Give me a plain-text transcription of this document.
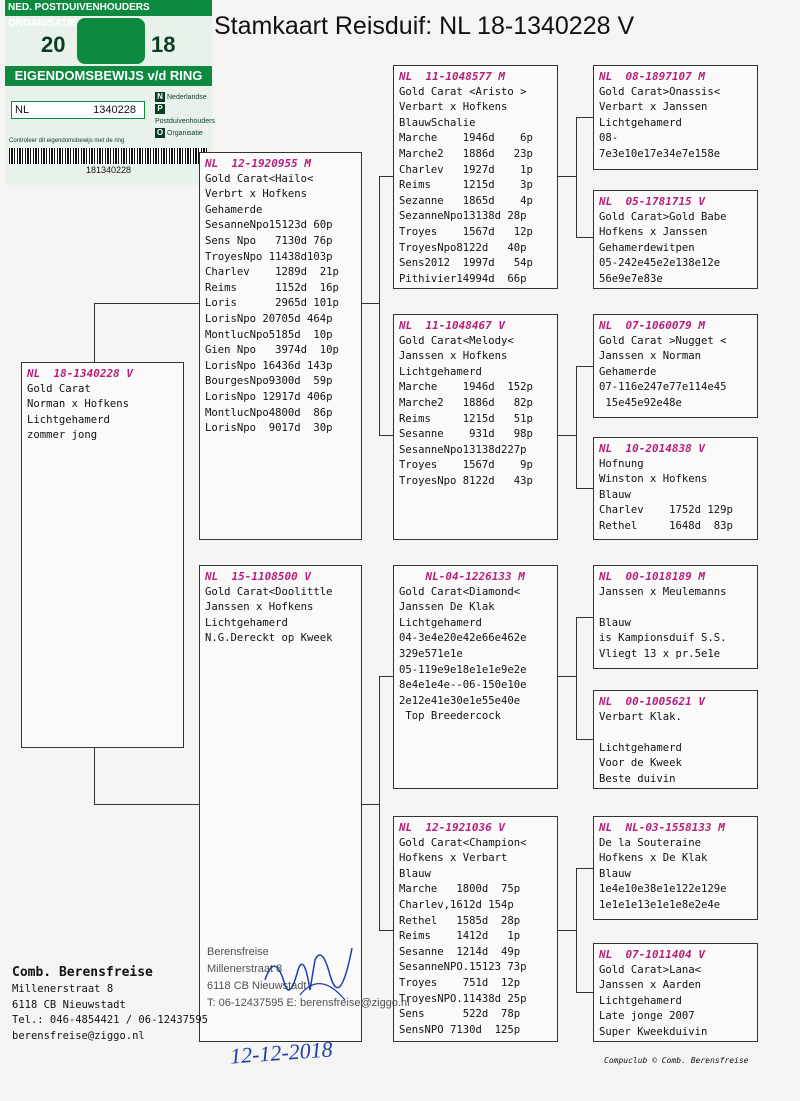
Stamkaart Reisduif: NL 18-1340228 V
NED. POSTDUIVENHOUDERS ORGANISATIE
20	18
EIGENDOMSBEWIJS v/d RING
NL	1340228
N Nederlandse
PPostduivenhouders
O Organisatie
Controleer dit eigendomsbewijs met de ring
181340228
NL  18-1340228 V
Gold Carat
Norman x Hofkens
Lichtgehamerd
zommer jong
NL  12-1920955 M
Gold Carat<Hailo<
Verbrt x Hofkens
Gehamerde
SesanneNpo15123d 60p
Sens Npo   7130d 76p
TroyesNpo 11438d103p
Charlev    1289d  21p
Reims      1152d  16p
Loris      2965d 101p
LorisNpo 20705d 464p
MontlucNpo5185d  10p
Gien Npo   3974d  10p
LorisNpo 16436d 143p
BourgesNpo9300d  59p
LorisNpo 12917d 406p
MontlucNpo4800d  86p
LorisNpo  9017d  30p
NL  15-1108500 V
Gold Carat<Doolittle
Janssen x Hofkens
Lichtgehamerd
N.G.Dereckt op Kweek
NL  11-1048577 M
Gold Carat <Aristo >
Verbart x Hofkens
BlauwSchalie
Marche    1946d    6p
Marche2   1886d   23p
Charlev   1927d    1p
Reims     1215d    3p
Sezanne   1865d    4p
SezanneNpo13138d 28p
Troyes    1567d   12p
TroyesNpo8122d   40p
Sens2012  1997d   54p
Pithivier14994d  66p
NL  11-1048467 V
Gold Carat<Melody<
Janssen x Hofkens
Lichtgehamerd
Marche    1946d  152p
Marche2   1886d   82p
Reims     1215d   51p
Sesanne    931d   98p
SesanneNpo13138d227p
Troyes    1567d    9p
TroyesNpo 8122d   43p
NL-04-1226133 M
Gold Carat<Diamond<
Janssen De Klak
Lichtgehamerd
04-3e4e20e42e66e462e
329e571e1e
05-119e9e18e1e1e9e2e
8e4e1e4e--06-150e10e
2e12e41e30e1e55e40e
Top Breedercock
NL  12-1921036 V
Gold Carat<Champion<
Hofkens x Verbart
Blauw
Marche   1800d  75p
Charlev,1612d 154p
Rethel   1585d  28p
Reims    1412d   1p
Sesanne  1214d  49p
SesanneNPO.15123 73p
Troyes    751d  12p
TroyesNPO.11438d 25p
Sens      522d  78p
SensNPO 7130d  125p
NL  08-1897107 M
Gold Carat>Onassis<
Verbart x Janssen
Lichtgehamerd
08-
7e3e10e17e34e7e158e
NL  05-1781715 V
Gold Carat>Gold Babe
Hofkens x Janssen
Gehamerdewitpen
05-242e45e2e138e12e
56e9e7e83e
NL  07-1060079 M
Gold Carat >Nugget <
Janssen x Norman
Gehamerde
07-116e247e77e114e45
15e45e92e48e
NL  10-2014838 V
Hofnung
Winston x Hofkens
Blauw
Charlev    1752d 129p
Rethel     1648d  83p
NL  00-1018189 M
Janssen x Meulemanns

Blauw
is Kampionsduif S.S.
Vliegt 13 x pr.5e1e
NL  00-1005621 V
Verbart Klak.

Lichtgehamerd
Voor de Kweek
Beste duivin
NL  NL-03-1558133 M
De la Souteraine
Hofkens x De Klak
Blauw
1e4e10e38e1e122e129e
1e1e1e13e1e1e8e2e4e
NL  07-1011404 V
Gold Carat>Lana<
Janssen x Aarden
Lichtgehamerd
Late jonge 2007
Super Kweekduivin
Comb. Berensfreise
Millenerstraat 8
6118 CB Nieuwstadt
Tel.: 046-4854421 / 06-12437595
berensfreise@ziggo.nl
Berensfreise
Millenerstraat 8
6118 CB Nieuwstadt
T: 06-12437595 E: berensfreise@ziggo.nl
12-12-2018	Compuclub © Comb. Berensfreise
